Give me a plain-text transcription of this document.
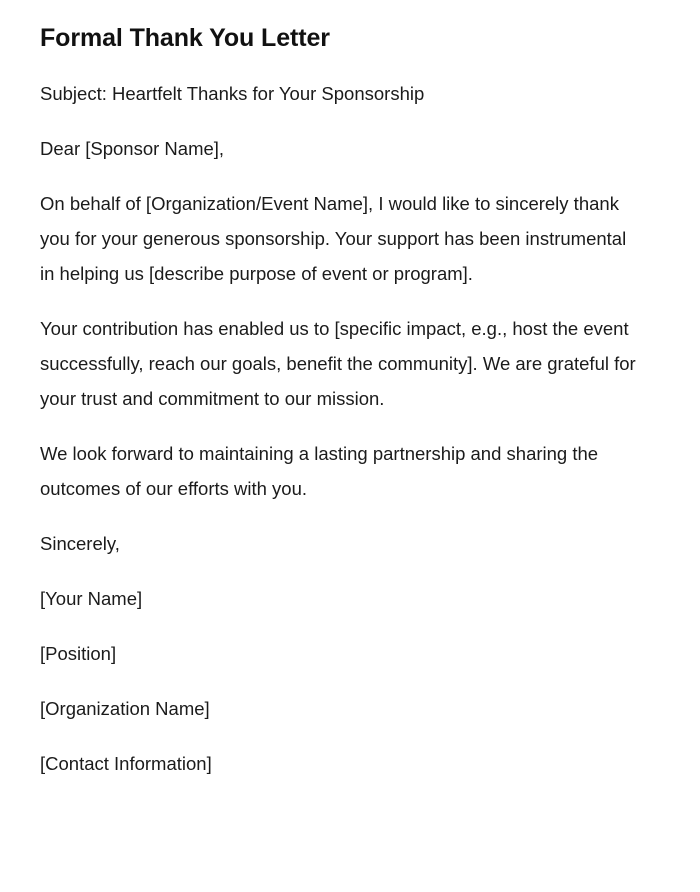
Formal Thank You Letter

Subject: Heartfelt Thanks for Your Sponsorship

Dear [Sponsor Name],

On behalf of [Organization/Event Name], I would like to sincerely thank you for your generous sponsorship. Your support has been instrumental in helping us [describe purpose of event or program].

Your contribution has enabled us to [specific impact, e.g., host the event successfully, reach our goals, benefit the community]. We are grateful for your trust and commitment to our mission.

We look forward to maintaining a lasting partnership and sharing the outcomes of our efforts with you.

Sincerely,

[Your Name]

[Position]

[Organization Name]

[Contact Information]
